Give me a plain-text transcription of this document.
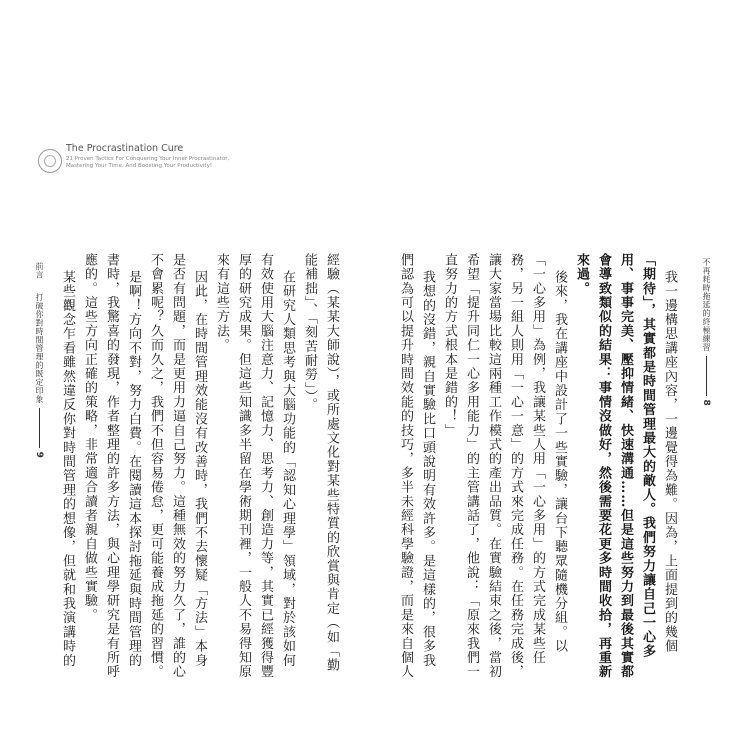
不再耗時拖延的終極練習8
我一邊構思講座內容，一邊覺得為難。因為，上面提到的幾個
「期待」，其實都是時間管理最大的敵人。我們努力讓自己一心多
用、事事完美、壓抑情緒、快速溝通……但是這些努力到最後其實都
會導致類似的結果：事情沒做好，然後需要花更多時間收拾，再重新
來過。
後來，我在講座中設計了一些實驗，讓台下聽眾隨機分組。以
「一心多用」為例，我讓某些人用「一心多用」的方式完成某些任
務，另一組人則用「一心一意」的方式來完成任務。在任務完成後，
讓大家當場比較這兩種工作模式的產出品質。在實驗結束之後，當初
希望「提升同仁一心多用能力」的主管講話了，他說：「原來我們一
直努力的方式根本是錯的！」
我想的沒錯，親自實驗比口頭說明有效許多。是這樣的，很多我
們認為可以提升時間效能的技巧，多半未經科學驗證，而是來自個人
The Procrastination Cure
21 Proven Tactics For Conquering Your Inner Procrastinator,
Mastering Your Time, And Boosting Your Productivity!
經驗（某某大師說），或所處文化對某些特質的欣賞與肯定（如「勤
能補拙」、「刻苦耐勞」）。
在研究人類思考與大腦功能的「認知心理學」領域，對於該如何
有效使用大腦注意力、記憶力、思考力、創造力等，其實已經獲得豐
厚的研究成果。但這些知識多半留在學術期刊裡，一般人不易得知原
來有這些方法。
因此，在時間管理效能沒有改善時，我們不去懷疑「方法」本身
是否有問題，而是更用力逼自己努力。這種無效的努力久了，誰的心
不會累呢？久而久之，我們不但容易倦怠，更可能養成拖延的習慣。
是啊！方向不對，努力白費。在閱讀這本探討拖延與時間管理的
書時，我驚喜的發現，作者整理的許多方法，與心理學研究是有所呼
應的。這些方向正確的策略，非常適合讀者親自做些實驗。
某些觀念乍看雖然違反你對時間管理的想像，但就和我演講時的
前言  打破你對時間管理的既定印象9
